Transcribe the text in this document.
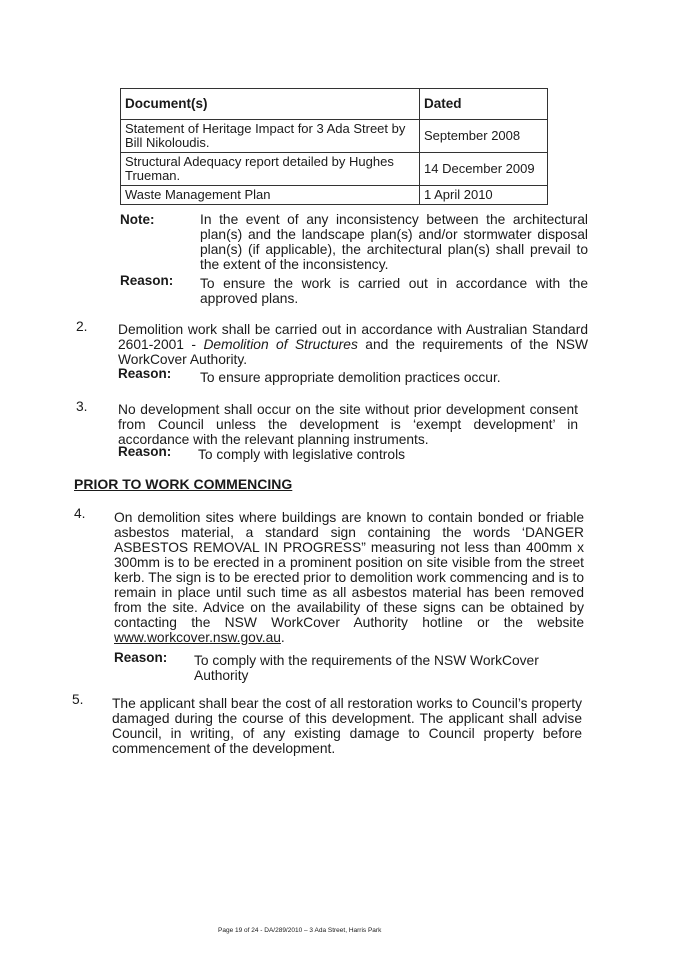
Document(s)	Dated
Statement of Heritage Impact for 3 Ada Street by Bill Nikoloudis.	September 2008
Structural Adequacy report detailed by Hughes Trueman.	14 December 2009
Waste Management Plan	1 April 2010
Note:	In the event of any inconsistency between the architectural plan(s) and the landscape plan(s) and/or stormwater disposal plan(s) (if applicable), the architectural plan(s) shall prevail to the extent of the inconsistency.
Reason: To ensure the work is carried out in accordance with the approved plans.
2. Demolition work shall be carried out in accordance with Australian Standard 2601-2001 - Demolition of Structures and the requirements of the NSW WorkCover Authority.
Reason: To ensure appropriate demolition practices occur.
3. No development shall occur on the site without prior development consent from Council unless the development is ‘exempt development’ in accordance with the relevant planning instruments.
Reason: To comply with legislative controls
PRIOR TO WORK COMMENCING
4. On demolition sites where buildings are known to contain bonded or friable asbestos material, a standard sign containing the words ‘DANGER ASBESTOS REMOVAL IN PROGRESS” measuring not less than 400mm x 300mm is to be erected in a prominent position on site visible from the street kerb. The sign is to be erected prior to demolition work commencing and is to remain in place until such time as all asbestos material has been removed from the site. Advice on the availability of these signs can be obtained by contacting the NSW WorkCover Authority hotline or the website www.workcover.nsw.gov.au.
Reason: To comply with the requirements of the NSW WorkCover Authority
5. The applicant shall bear the cost of all restoration works to Council’s property damaged during the course of this development. The applicant shall advise Council, in writing, of any existing damage to Council property before commencement of the development.
Page 19 of 24 - DA/289/2010 – 3 Ada Street, Harris Park
